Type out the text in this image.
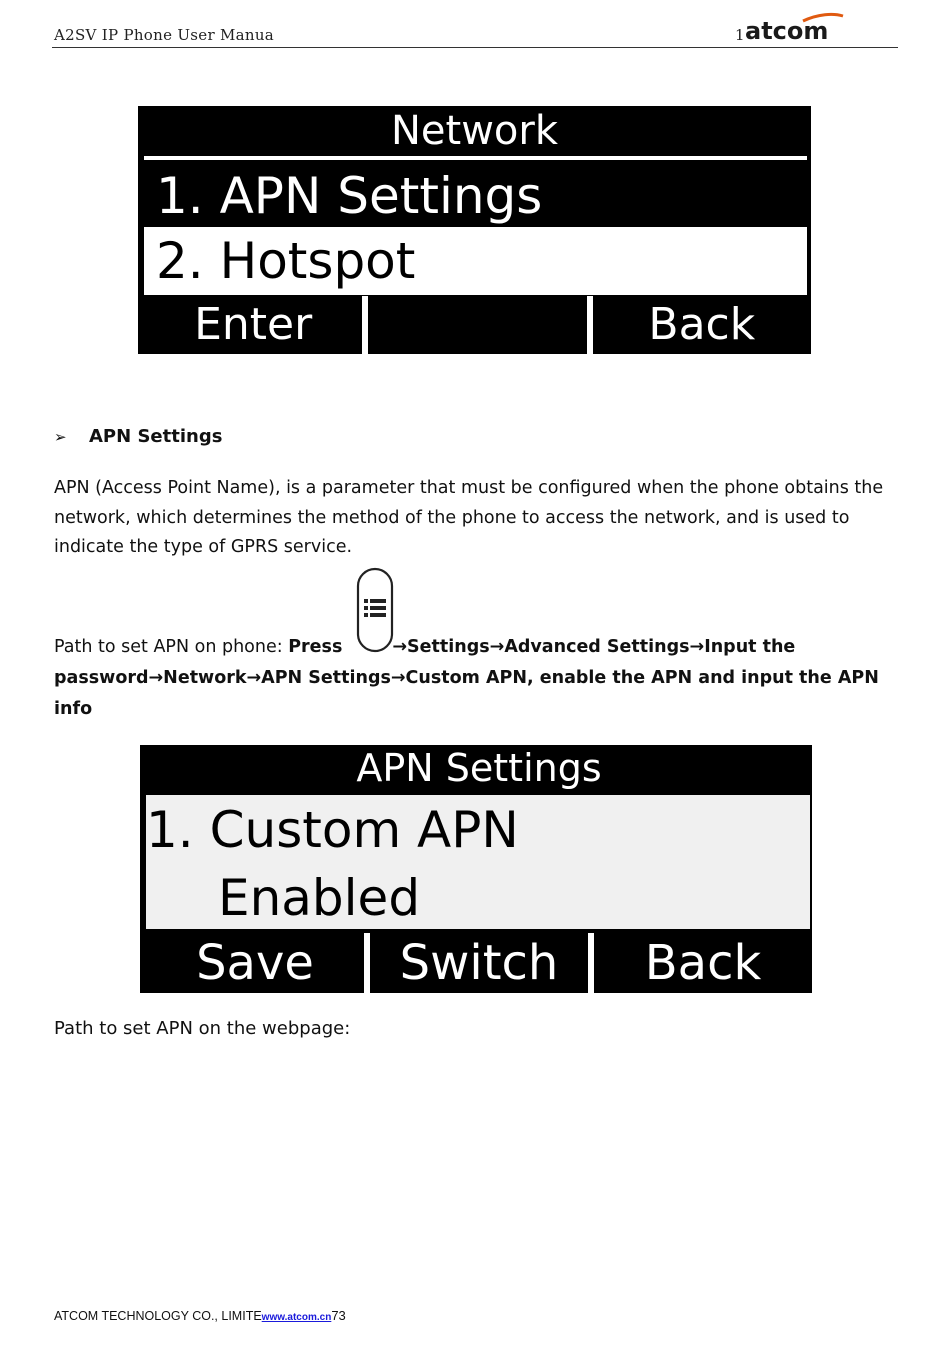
A2SV IP Phone User Manua	1 atcom
Network
1. APN Settings
2. Hotspot
Enter	Back
➢ APN Settings
APN (Access Point Name), is a parameter that must be configured when the phone obtains the network, which determines the method of the phone to access the network, and is used to indicate the type of GPRS service.
Path to set APN on phone: Press	→Settings→Advanced Settings→Input the password→Network→APN Settings→Custom APN, enable the APN and input the APN info
APN Settings
1. Custom APN
Enabled
Save	Switch	Back
Path to set APN on the webpage:
ATCOM TECHNOLOGY CO., LIMITEwww.atcom.cn73
